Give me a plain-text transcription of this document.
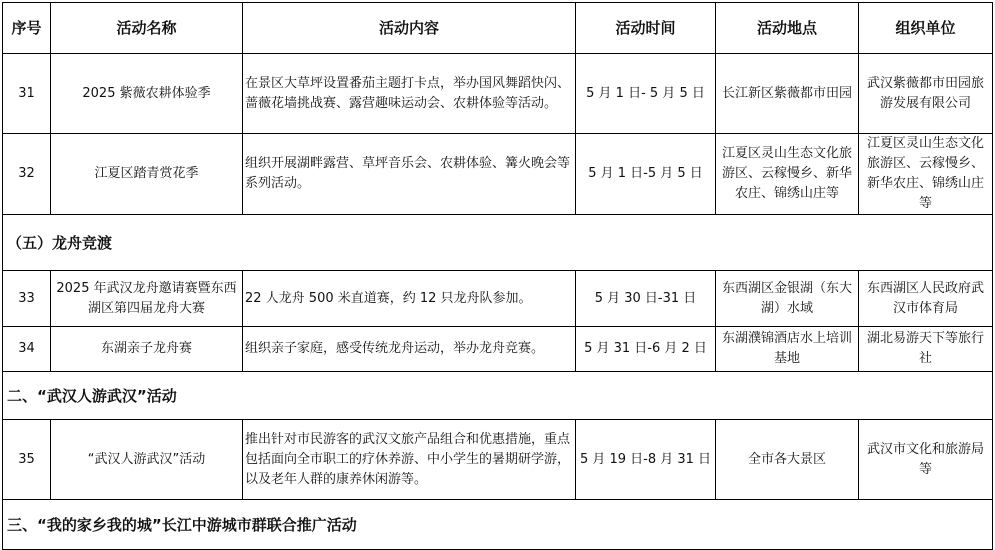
序号	活动名称	活动内容	活动时间	活动地点	组织单位
31	2025 紫薇农耕体验季	在景区大草坪设置番茄主题打卡点，举办国风舞蹈快闪、蔷薇花墙挑战赛、露营趣味运动会、农耕体验等活动。	5 月 1 日- 5 月 5 日	长江新区紫薇都市田园	武汉紫薇都市田园旅游发展有限公司
32	江夏区踏青赏花季	组织开展湖畔露营、草坪音乐会、农耕体验、篝火晚会等系列活动。	5 月 1 日-5 月 5 日	江夏区灵山生态文化旅游区、云稼慢乡、新华农庄、锦绣山庄等	江夏区灵山生态文化旅游区、云稼慢乡、新华农庄、锦绣山庄等
（五）龙舟竞渡					
33	2025 年武汉龙舟邀请赛暨东西湖区第四届龙舟大赛	22 人龙舟 500 米直道赛，约 12 只龙舟队参加。	5 月 30 日-31 日	东西湖区金银湖（东大湖）水域	东西湖区人民政府武汉市体育局
34	东湖亲子龙舟赛	组织亲子家庭，感受传统龙舟运动，举办龙舟竞赛。	5 月 31 日-6 月 2 日	东湖濮锦酒店水上培训基地	湖北易游天下等旅行社
二、“武汉人游武汉”活动					
35	“武汉人游武汉”活动	推出针对市民游客的武汉文旅产品组合和优惠措施，重点包括面向全市职工的疗休养游、中小学生的暑期研学游，以及老年人群的康养休闲游等。	5 月 19 日-8 月 31 日	全市各大景区	武汉市文化和旅游局等
三、“我的家乡我的城”长江中游城市群联合推广活动					
